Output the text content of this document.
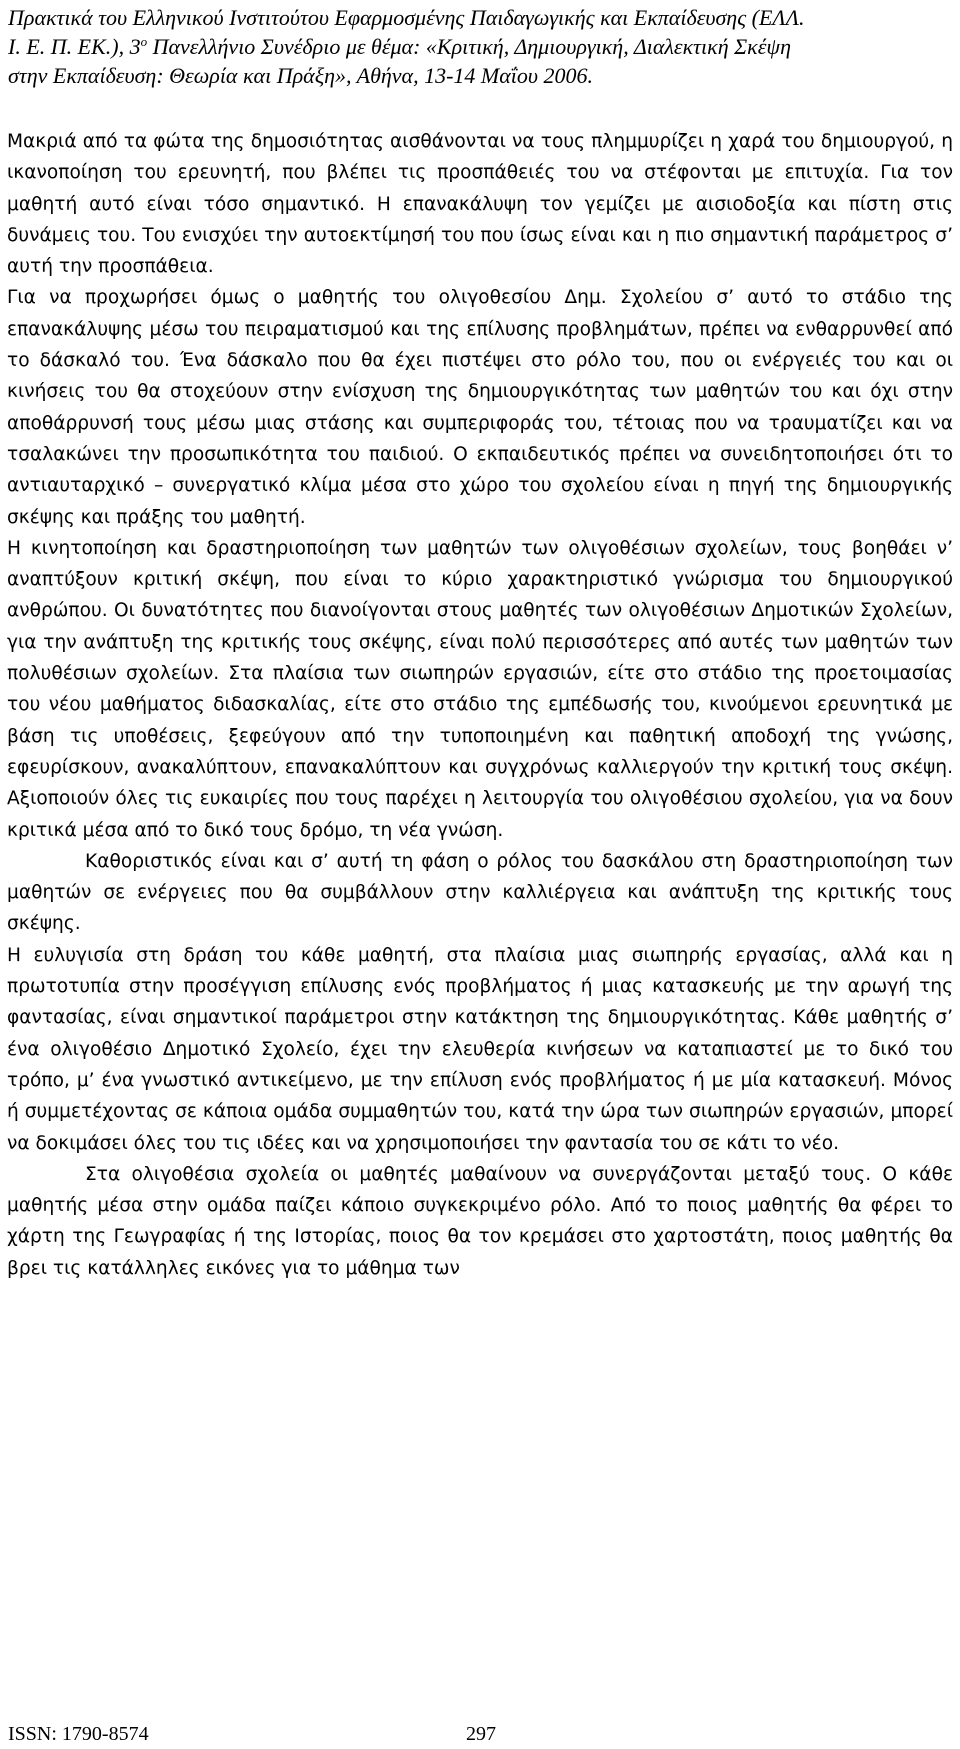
Πρακτικά του Ελληνικού Ινστιτούτου Εφαρμοσμένης Παιδαγωγικής και Εκπαίδευσης (ΕΛΛ.
Ι. Ε. Π. ΕΚ.), $3^o$ Πανελλήνιο Συνέδριο με θέμα: «Κριτική, Δημιουργική, Διαλεκτική Σκέψη
στην Εκπαίδευση: Θεωρία και Πράξη», Αθήνα, 13-14 Μαΐου 2006.

Μακριά από τα φώτα της δημοσιότητας αισθάνονται να τους πλημμυρίζει η χαρά του δημιουργού, η ικανοποίηση του ερευνητή, που βλέπει τις προσπάθειές του να στέφονται με επιτυχία. Για τον μαθητή αυτό είναι τόσο σημαντικό. Η επανακάλυψη τον γεμίζει με αισιοδοξία και πίστη στις δυνάμεις του. Του ενισχύει την αυτοεκτίμησή του που ίσως είναι και η πιο σημαντική παράμετρος σ’ αυτή την προσπάθεια.

Για να προχωρήσει όμως ο μαθητής του ολιγοθεσίου Δημ. Σχολείου σ’ αυτό το στάδιο της επανακάλυψης μέσω του πειραματισμού και της επίλυσης προβλημάτων, πρέπει να ενθαρρυνθεί από το δάσκαλό του. Ένα δάσκαλο που θα έχει πιστέψει στο ρόλο του, που οι ενέργειές του και οι κινήσεις του θα στοχεύουν στην ενίσχυση της δημιουργικότητας των μαθητών του και όχι στην αποθάρρυνσή τους μέσω μιας στάσης και συμπεριφοράς του, τέτοιας που να τραυματίζει και να τσαλακώνει την προσωπικότητα του παιδιού. Ο εκπαιδευτικός πρέπει να συνειδητοποιήσει ότι το αντιαυταρχικό – συνεργατικό κλίμα μέσα στο χώρο του σχολείου είναι η πηγή της δημιουργικής σκέψης και πράξης του μαθητή.

Η κινητοποίηση και δραστηριοποίηση των μαθητών των ολιγοθέσιων σχολείων, τους βοηθάει ν’ αναπτύξουν κριτική σκέψη, που είναι το κύριο χαρακτηριστικό γνώρισμα του δημιουργικού ανθρώπου. Οι δυνατότητες που διανοίγονται στους μαθητές των ολιγοθέσιων Δημοτικών Σχολείων, για την ανάπτυξη της κριτικής τους σκέψης, είναι πολύ περισσότερες από αυτές των μαθητών των πολυθέσιων σχολείων. Στα πλαίσια των σιωπηρών εργασιών, είτε στο στάδιο της προετοιμασίας του νέου μαθήματος διδασκαλίας, είτε στο στάδιο της εμπέδωσής του, κινούμενοι ερευνητικά με βάση τις υποθέσεις, ξεφεύγουν από την τυποποιημένη και παθητική αποδοχή της γνώσης, εφευρίσκουν, ανακαλύπτουν, επανακαλύπτουν και συγχρόνως καλλιεργούν την κριτική τους σκέψη. Αξιοποιούν όλες τις ευκαιρίες που τους παρέχει η λειτουργία του ολιγοθέσιου σχολείου, για να δουν κριτικά μέσα από το δικό τους δρόμο, τη νέα γνώση.

Καθοριστικός είναι και σ’ αυτή τη φάση ο ρόλος του δασκάλου στη δραστηριοποίηση των μαθητών σε ενέργειες που θα συμβάλλουν στην καλλιέργεια και ανάπτυξη της κριτικής τους σκέψης.

Η ευλυγισία στη δράση του κάθε μαθητή, στα πλαίσια μιας σιωπηρής εργασίας, αλλά και η πρωτοτυπία στην προσέγγιση επίλυσης ενός προβλήματος ή μιας κατασκευής με την αρωγή της φαντασίας, είναι σημαντικοί παράμετροι στην κατάκτηση της δημιουργικότητας. Κάθε μαθητής σ’ ένα ολιγοθέσιο Δημοτικό Σχολείο, έχει την ελευθερία κινήσεων να καταπιαστεί με το δικό του τρόπο, μ’ ένα γνωστικό αντικείμενο, με την επίλυση ενός προβλήματος ή με μία κατασκευή. Μόνος ή συμμετέχοντας σε κάποια ομάδα συμμαθητών του, κατά την ώρα των σιωπηρών εργασιών, μπορεί να δοκιμάσει όλες του τις ιδέες και να χρησιμοποιήσει την φαντασία του σε κάτι το νέο.

Στα ολιγοθέσια σχολεία οι μαθητές μαθαίνουν να συνεργάζονται μεταξύ τους. Ο κάθε μαθητής μέσα στην ομάδα παίζει κάποιο συγκεκριμένο ρόλο. Από το ποιος μαθητής θα φέρει το χάρτη της Γεωγραφίας ή της Ιστορίας, ποιος θα τον κρεμάσει στο χαρτοστάτη, ποιος μαθητής θα βρει τις κατάλληλες εικόνες για το μάθημα των

ISSN: 1790-8574	297
